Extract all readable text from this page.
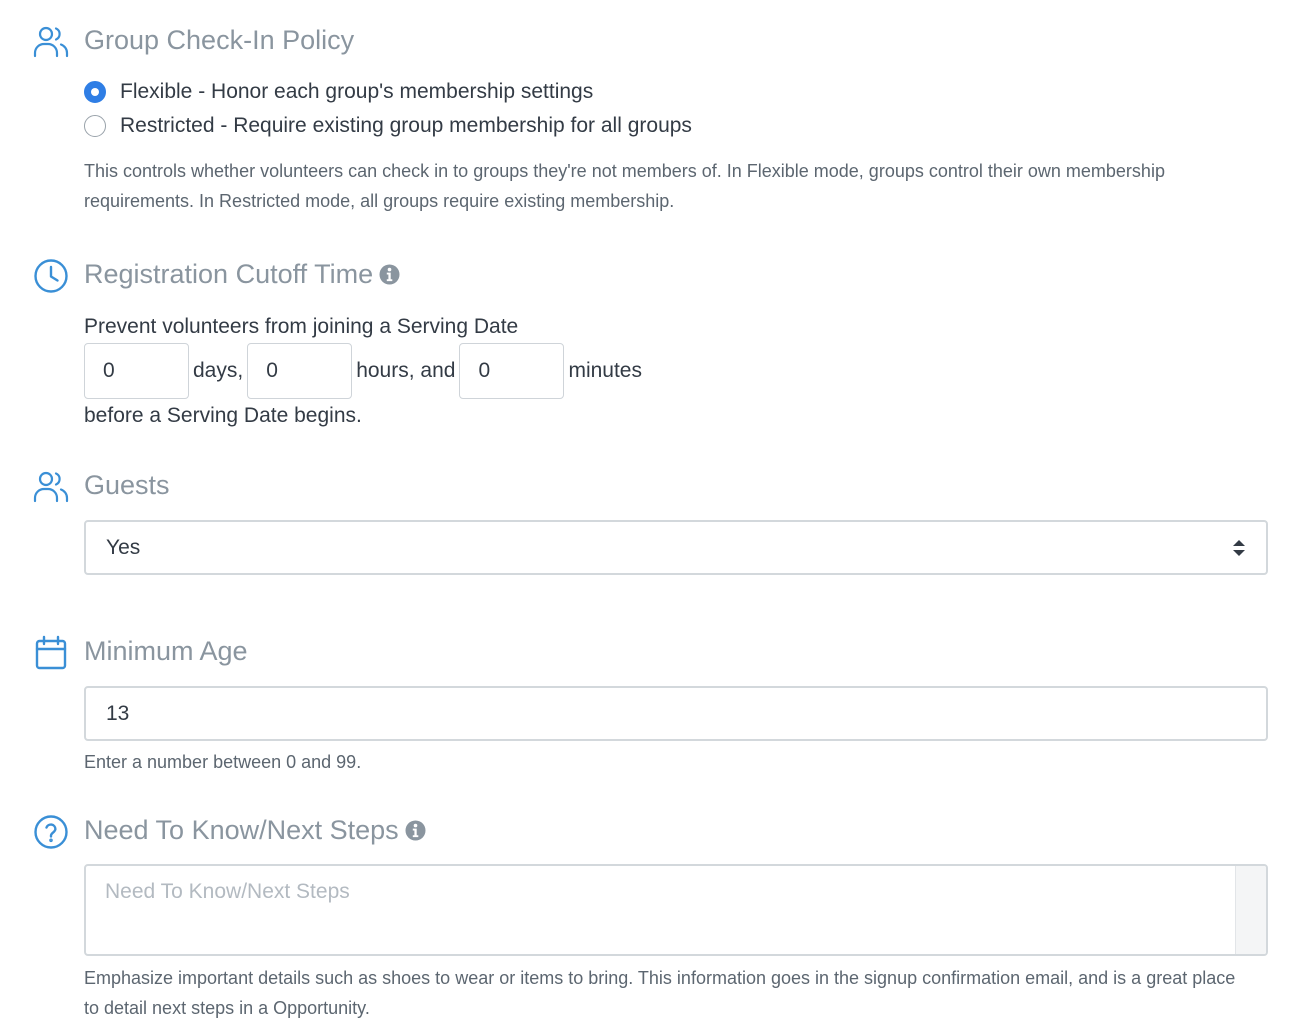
Group Check-In Policy
Flexible - Honor each group's membership settings
Restricted - Require existing group membership for all groups
This controls whether volunteers can check in to groups they're not members of. In Flexible mode, groups control their own membership
requirements. In Restricted mode, all groups require existing membership.
Registration Cutoff Time
Prevent volunteers from joining a Serving Date
0
days,
0	hours, and
0	minutes
before a Serving Date begins.
Guests
Yes
Minimum Age
13
Enter a number between 0 and 99.
Need To Know/Next Steps
Need To Know/Next Steps
Emphasize important details such as shoes to wear or items to bring. This information goes in the signup confirmation email, and is a great place
to detail next steps in a Opportunity.
